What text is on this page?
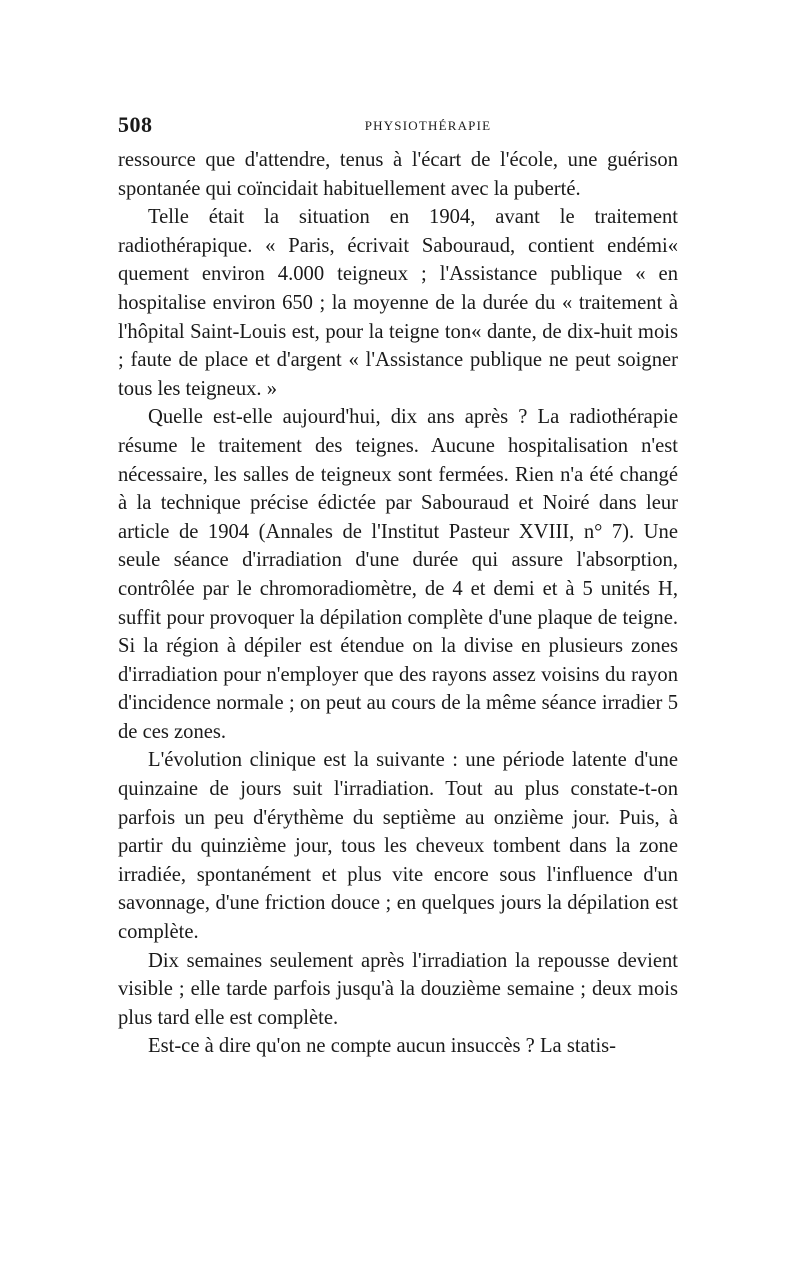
508	PHYSIOTHÉRAPIE

ressource que d'attendre, tenus à l'écart de l'école, une guérison spontanée qui coïncidait habituellement avec la puberté.

Telle était la situation en 1904, avant le traitement radiothérapique. « Paris, écrivait Sabouraud, contient endémi« quement environ 4.000 teigneux ; l'Assistance publique « en hospitalise environ 650 ; la moyenne de la durée du « traitement à l'hôpital Saint-Louis est, pour la teigne ton« dante, de dix-huit mois ; faute de place et d'argent « l'Assistance publique ne peut soigner tous les teigneux. »

Quelle est-elle aujourd'hui, dix ans après ? La radiothérapie résume le traitement des teignes. Aucune hospitalisation n'est nécessaire, les salles de teigneux sont fermées. Rien n'a été changé à la technique précise édictée par Sabouraud et Noiré dans leur article de 1904 (Annales de l'Institut Pasteur XVIII, n° 7). Une seule séance d'irradiation d'une durée qui assure l'absorption, contrôlée par le chromoradiomètre, de 4 et demi et à 5 unités H, suffit pour provoquer la dépilation complète d'une plaque de teigne. Si la région à dépiler est étendue on la divise en plusieurs zones d'irradiation pour n'employer que des rayons assez voisins du rayon d'incidence normale ; on peut au cours de la même séance irradier 5 de ces zones.

L'évolution clinique est la suivante : une période latente d'une quinzaine de jours suit l'irradiation. Tout au plus constate-t-on parfois un peu d'érythème du septième au onzième jour. Puis, à partir du quinzième jour, tous les cheveux tombent dans la zone irradiée, spontanément et plus vite encore sous l'influence d'un savonnage, d'une friction douce ; en quelques jours la dépilation est complète.

Dix semaines seulement après l'irradiation la repousse devient visible ; elle tarde parfois jusqu'à la douzième semaine ; deux mois plus tard elle est complète.

Est-ce à dire qu'on ne compte aucun insuccès ? La statis-
